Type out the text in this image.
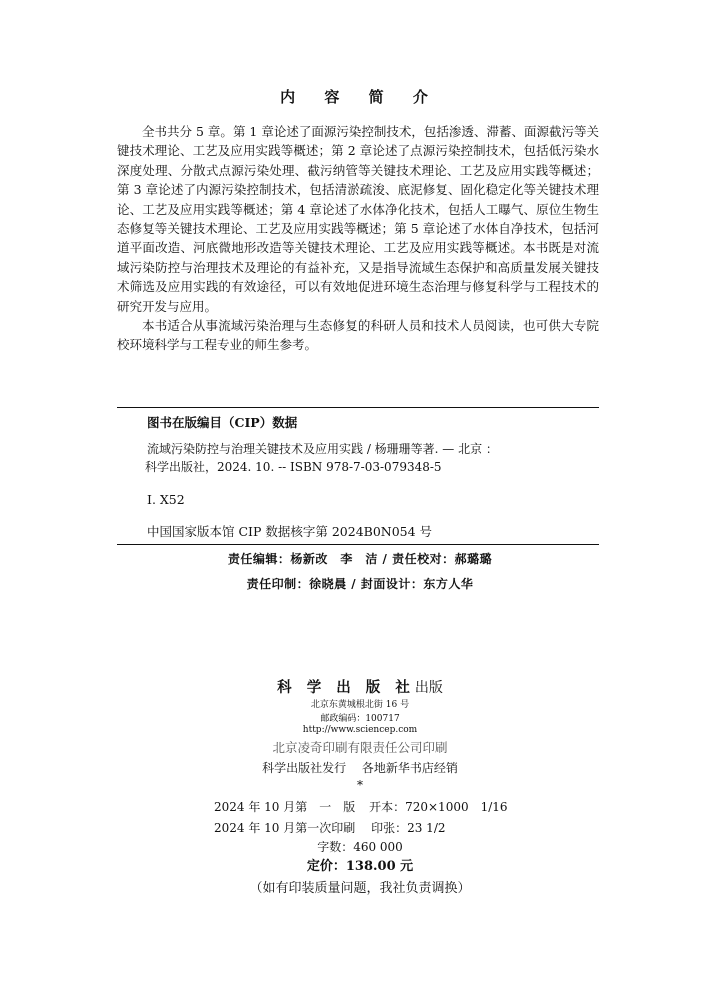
内 容 简 介

全书共分 5 章。第 1 章论述了面源污染控制技术，包括渗透、滞蓄、面源截污等关键技术理论、工艺及应用实践等概述；第 2 章论述了点源污染控制技术，包括低污染水深度处理、分散式点源污染处理、截污纳管等关键技术理论、工艺及应用实践等概述；第 3 章论述了内源污染控制技术，包括清淤疏浚、底泥修复、固化稳定化等关键技术理论、工艺及应用实践等概述；第 4 章论述了水体净化技术，包括人工曝气、原位生物生态修复等关键技术理论、工艺及应用实践等概述；第 5 章论述了水体自净技术，包括河道平面改造、河底微地形改造等关键技术理论、工艺及应用实践等概述。本书既是对流域污染防控与治理技术及理论的有益补充，又是指导流域生态保护和高质量发展关键技术筛选及应用实践的有效途径，可以有效地促进环境生态治理与修复科学与工程技术的研究开发与应用。

本书适合从事流域污染治理与生态修复的科研人员和技术人员阅读，也可供大专院校环境科学与工程专业的师生参考。

图书在版编目（CIP）数据
流域污染防控与治理关键技术及应用实践 / 杨珊珊等著. — 北京 ：
科学出版社，2024. 10. -- ISBN 978-7-03-079348-5
Ⅰ. X52
中国国家版本馆 CIP 数据核字第 2024B0N054 号
责任编辑：杨新改　李　洁 / 责任校对：郝璐璐
责任印制：徐晓晨 / 封面设计：东方人华
科 学 出 版 社出版
北京东黄城根北街 16 号
邮政编码：100717
http://www.sciencep.com
北京凌奇印刷有限责任公司印刷
科学出版社发行　 各地新华书店经销
*
2024 年 10 月第　一　版 开本：720×1000　1/16
2024 年 10 月第一次印刷 印张：23 1/2
字数：460 000
定价：138.00 元
（如有印装质量问题，我社负责调换）
